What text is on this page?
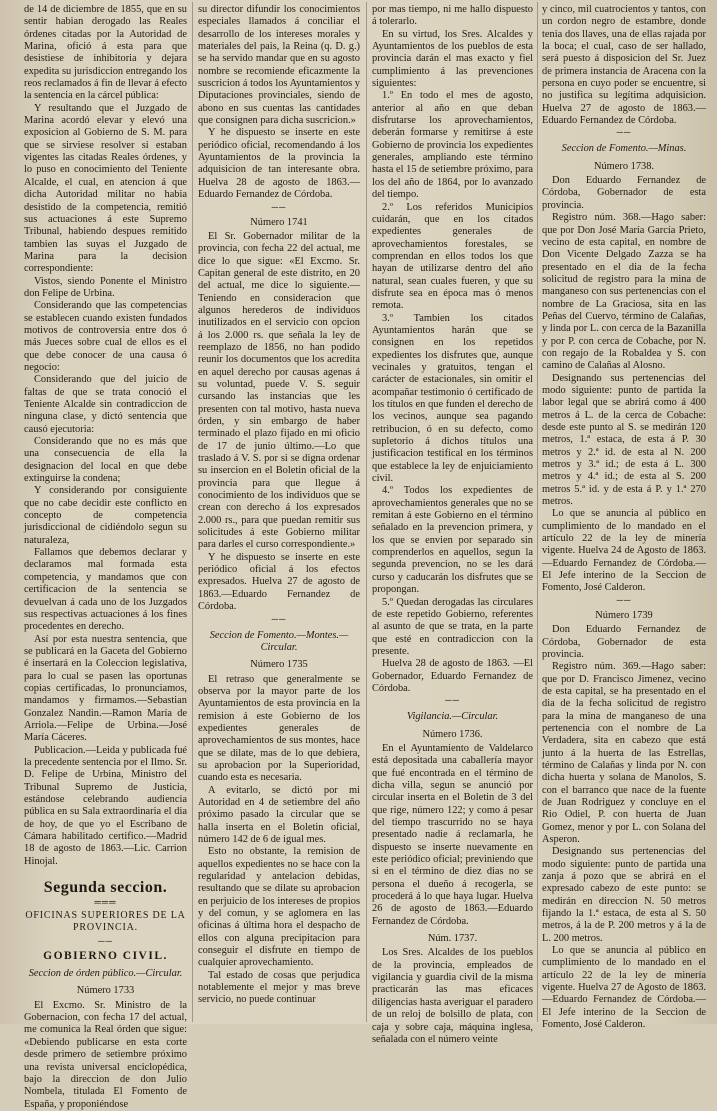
de 14 de diciembre de 1855, que en su sentir habian derogado las Reales órdenes citadas por la Autoridad de Marina, ofició á esta para que desistiese de inhibitoria y dejara expedita su jurisdiccion entregando los reos reclamados á fin de llevar á efecto la sentencia en la cárcel pública:

Y resultando que el Juzgado de Marina acordó elevar y elevó una exposicion al Gobierno de S. M. para que se sirviese resolver si estaban vigentes las citadas Reales órdenes, y lo puso en conocimiento del Teniente Alcalde, el cual, en atencion á que dicha Autoridad militar no habia desistido de la competencia, remitió sus actuaciones á este Supremo Tribunal, habiendo despues remitido tambien las suyas el Juzgado de Marina para la decision correspondiente:

Vistos, siendo Ponente el Ministro don Felipe de Urbina.

Considerando que las competencias se establecen cuando existen fundados motivos de controversia entre dos ó más Jueces sobre cual de ellos es el que debe conocer de una causa ó negocio:

Considerando que del juicio de faltas de que se trata conoció el Teniente Alcalde sin contradiccion de ninguna clase, y dictó sentencia que causó ejecutoria:

Considerando que no es más que una consecuencia de ella la designacion del local en que debe extinguirse la condena;

Y considerando por consiguiente que no cabe decidir este conflicto en concepto de competencia jurisdiccional de cidiéndolo segun su naturaleza,

Fallamos que debemos declarar y declaramos mal formada esta competencia, y mandamos que con certificacion de la sentencia se devuelvan á cada uno de los Juzgados sus respectivas actuaciones á los fines procedentes en derecho.

Así por esta nuestra sentencia, que se publicará en la Gaceta del Gobierno é insertará en la Coleccion legislativa, para lo cual se pasen las oportunas copias certificadas, lo pronunciamos, mandamos y firmamos.—Sebastian Gonzalez Nandin.—Ramon María de Arriola.—Felipe de Urbina.—José María Cáceres.

Publicacion.—Leida y publicada fué la precedente sentencia por el Ilmo. Sr. D. Felipe de Urbina, Ministro del Tribunal Supremo de Justicia, estándose celebrando audiencia pública en su Sala extraordinaria el dia de hoy, de que yo el Escribano de Cámara habilitado certifico.—Madrid 18 de agosto de 1863.—Lic. Carrion Hinojal.

Segunda seccion.
═══
OFICINAS SUPERIORES DE LA PROVINCIA.
──
GOBIERNO CIVIL.
Seccion de órden público.—Circular.
Número 1733

El Excmo. Sr. Ministro de la Gobernacion, con fecha 17 del actual, me comunica la Real órden que sigue: «Debiendo publicarse en esta corte desde primero de setiembre próximo una revista universal enciclopédica, bajo la direccion de don Julio Nombela, titulada El Fomento de España, y proponiéndose

su director difundir los conocimientos especiales llamados á conciliar el desarrollo de los intereses morales y materiales del pais, la Reina (q. D. g.) se ha servido mandar que en su agosto nombre se recomiende eficazmente la suscricion á todos los Ayuntamientos y Diputaciones provinciales, siendo de abono en sus cuentas las cantidades que consignen para dicha suscricion.»

Y he dispuesto se inserte en este periódico oficial, recomendando á los Ayuntamientos de la provincia la adquisicion de tan interesante obra. Huelva 28 de agosto de 1863.—Eduardo Fernandez de Córdoba.

──
Número 1741

El Sr. Gobernador militar de la provincia, con fecha 22 del actual, me dice lo que sigue: «El Excmo. Sr. Capitan general de este distrito, en 20 del actual, me dice lo siguiente.—Teniendo en consideracion que algunos herederos de individuos inutilizados en el servicio con opcion á los 2.000 rs. que señala la ley de reemplazo de 1856, no han podido reunir los documentos que los acredita en aquel derecho por causas agenas á su voluntad, puede V. S. seguir cursando las instancias que les presenten con tal motivo, hasta nueva órden, y sin embargo de haber terminado el plazo fijado en mi oficio de 17 de junio último.—Lo que traslado á V. S. por si se digna ordenar su insercion en el Boletin oficial de la provincia para que llegue á conocimiento de los individuos que se crean con derecho á los expresados 2.000 rs., para que puedan remitir sus solicitudes á este Gobierno militar para darles el curso correspondiente.»

Y he dispuesto se inserte en este periódico oficial á los efectos expresados. Huelva 27 de agosto de 1863.—Eduardo Fernandez de Córdoba.

──
Seccion de Fomento.—Montes.—Circular.
Número 1735

El retraso que generalmente se observa por la mayor parte de los Ayuntamientos de esta provincia en la remision á este Gobierno de los expedientes generales de aprovechamientos de sus montes, hace que se dilate, mas de lo que debiera, su aprobacion por la Superioridad, cuando esta es necesaria.

A evitarlo, se dictó por mi Autoridad en 4 de setiembre del año próximo pasado la circular que se halla inserta en el Boletin oficial, número 142 de 6 de igual mes.

Esto no obstante, la remision de aquellos expedientes no se hace con la regularidad y antelacion debidas, resultando que se dilate su aprobacion en perjuicio de los intereses de propios y del comun, y se aglomera en las oficinas á última hora el despacho de ellos con alguna precipitacion para conseguir el disfrute en tiempo de cualquier aprovechamiento.

Tal estado de cosas que perjudica notablemente el mejor y mas breve servicio, no puede continuar

por mas tiempo, ni me hallo dispuesto á tolerarlo.

En su virtud, los Sres. Alcaldes y Ayuntamientos de los pueblos de esta provincia darán el mas exacto y fiel cumplimiento á las prevenciones siguientes:

1.º En todo el mes de agosto, anterior al año en que deban disfrutarse los aprovechamientos, deberán formarse y remitirse á este Gobierno de provincia los expedientes generales, ampliando este término hasta el 15 de setiembre próximo, para los del año de 1864, por lo avanzado del tiempo.

2.º Los referidos Municipios cuidarán, que en los citados expedientes generales de aprovechamientos forestales, se comprendan en ellos todos los que hayan de utilizarse dentro del año natural, sean cuales fueren, y que su disfrute sea en época mas ó menos remota.

3.º Tambien los citados Ayuntamientos harán que se consignen en los repetidos expedientes los disfrutes que, aunque vecinales y gratuitos, tengan el carácter de estacionales, sin omitir el acompañar testimonio ó certificado de los títulos en que funden el derecho de los vecinos, aunque sea pagando retribucion, ó en su defecto, como supletorio á dichos títulos una justificacion testifical en los términos que establece la ley de enjuiciamiento civil.

4.º Todos los expedientes de aprovechamientos generales que no se remitan á este Gobierno en el término señalado en la prevencion primera, y los que se envien por separado sin comprenderlos en aquellos, segun la segunda prevencion, no se les dará curso y caducarán los disfrutes que se propongan.

5.º Quedan derogadas las circulares de este repetido Gobierno, referentes al asunto de que se trata, en la parte que esté en contradiccion con la presente.

Huelva 28 de agosto de 1863. —El Gobernador, Eduardo Fernandez de Córdoba.

──
Vigilancia.—Circular.
Número 1736.

En el Ayuntamiento de Valdelarco está depositada una caballería mayor que fué encontrada en el término de dicha villa, segun se anunció por circular inserta en el Boletin de 3 del que rige, número 122; y como á pesar del tiempo trascurrido no se haya presentado nadie á reclamarla, he dispuesto se inserte nuevamente en este periódico oficial; previniendo que si en el término de diez dias no se persona el dueño á recogerla, se procederá á lo que haya lugar. Huelva 26 de agosto de 1863.—Eduardo Fernandez de Córdoba.

Núm. 1737.

Los Sres. Alcaldes de los pueblos de la provincia, empleados de vigilancia y guardia civil de la misma practicarán las mas eficaces diligencias hasta averiguar el paradero de un reloj de bolsillo de plata, con caja y sobre caja, máquina inglesa, señalada con el número veinte

y cinco, mil cuatrocientos y tantos, con un cordon negro de estambre, donde tenia dos llaves, una de ellas rajada por la boca; el cual, caso de ser hallado, será puesto á disposicion del Sr. Juez de primera instancia de Aracena con la persona en cuyo poder se encuentre, si no justifica su legítima adquisicion. Huelva 27 de agosto de 1863.—Eduardo Fernandez de Córdoba.

──
Seccion de Fomento.—Minas.
Número 1738.

Don Eduardo Fernandez de Córdoba, Gobernador de esta provincia.

Registro núm. 368.—Hago saber: que por Don José María García Prieto, vecino de esta capital, en nombre de Don Vicente Delgado Zazza se ha presentado en el dia de la fecha solicitud de registro para la mina de manganeso con sus pertenencias con el nombre de La Graciosa, sita en las Peñas del Cuervo, término de Calañas, y linda por L. con cerca de la Bazanilla y por P. con cerca de Cobache, por N. con regajo de la Robaldea y S. con camino de Calañas al Alosno.

Designando sus pertenencias del modo siguiente: punto de partida la labor legal que se abrirá como á 400 metros á L. de la cerca de Cobache: desde este punto al S. se medirán 120 metros, 1.ª estaca, de esta á P. 30 metros y 2.ª id. de esta al N. 200 metros y 3.ª id.; de esta á L. 300 metros y 4.ª id.; de esta al S. 200 metros 5.ª id. y de esta á P. y 1.ª 270 metros.

Lo que se anuncia al público en cumplimiento de lo mandado en el artículo 22 de la ley de minería vigente. Huelva 24 de Agosto de 1863.—Eduardo Fernandez de Córdoba.—El Jefe interino de la Seccion de Fomento, José Calderon.

──
Número 1739

Don Eduardo Fernandez de Córdoba, Gobernador de esta provincia.

Registro núm. 369.—Hago saber: que por D. Francisco Jimenez, vecino de esta capital, se ha presentado en el dia de la fecha solicitud de registro para la mina de manganeso de una pertenencia con el nombre de La Verdadera, sita en cabezo que está junto á la huerta de las Estrellas, término de Calañas y linda por N. con dicha huerta y solana de Manolos, S. con el barranco que nace de la fuente de Juan Rodriguez y concluye en el Rio Odiel, P. con huerta de Juan Gomez, menor y por L. con Solana del Asperon.

Designando sus pertenencias del modo siguiente: punto de partida una zanja á pozo que se abrirá en el expresado cabezo de este punto: se medirán en direccion N. 50 metros fijando la 1.ª estaca, de esta al S. 50 metros, á la de P. 200 metros y á la de L. 200 metros.

Lo que se anuncia al público en cumplimiento de lo mandado en el artículo 22 de la ley de minería vigente. Huelva 27 de Agosto de 1863.—Eduardo Fernandez de Córdoba.—El Jefe interino de la Seccion de Fomento, José Calderon.
